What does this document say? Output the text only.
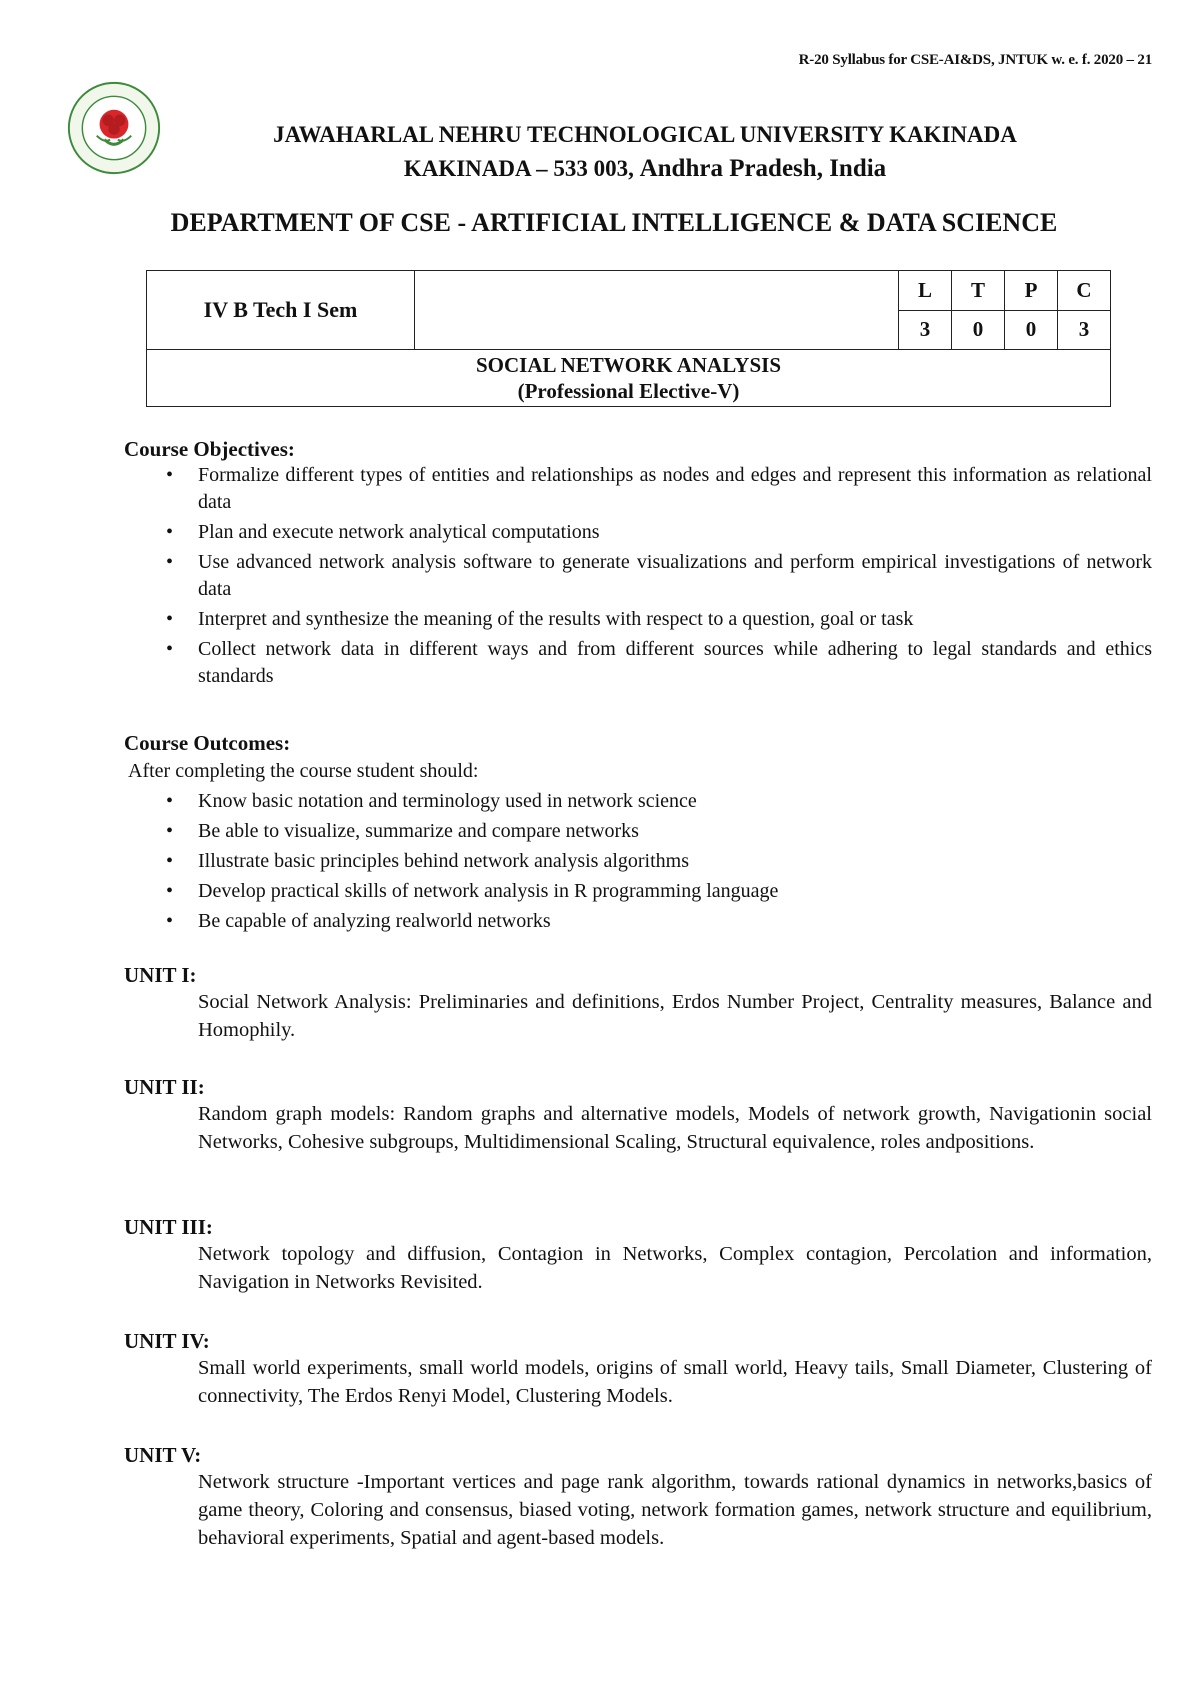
R-20 Syllabus for CSE-AI&DS, JNTUK w. e. f. 2020 – 21
JAWAHARLAL NEHRU TECHNOLOGICAL UNIVERSITY KAKINADA
KAKINADA – 533 003, Andhra Pradesh, India
DEPARTMENT OF CSE - ARTIFICIAL INTELLIGENCE & DATA SCIENCE
IV B Tech I Sem		L	T	P	C
		3	0	0	3

SOCIAL NETWORK ANALYSIS
(Professional Elective-V)					

Course Objectives:

• Formalize different types of entities and relationships as nodes and edges and represent this information as relational data
• Plan and execute network analytical computations
• Use advanced network analysis software to generate visualizations and perform empirical investigations of network data
• Interpret and synthesize the meaning of the results with respect to a question, goal or task
• Collect network data in different ways and from different sources while adhering to legal standards and ethics standards

Course Outcomes:

After completing the course student should:

• Know basic notation and terminology used in network science
• Be able to visualize, summarize and compare networks
• Illustrate basic principles behind network analysis algorithms
• Develop practical skills of network analysis in R programming language
• Be capable of analyzing realworld networks

UNIT I:

Social Network Analysis: Preliminaries and definitions, Erdos Number Project, Centrality measures, Balance and Homophily.

UNIT II:

Random graph models: Random graphs and alternative models, Models of network growth, Navigationin social Networks, Cohesive subgroups, Multidimensional Scaling, Structural equivalence, roles andpositions.

UNIT III:

Network topology and diffusion, Contagion in Networks, Complex contagion, Percolation and information, Navigation in Networks Revisited.

UNIT IV:

Small world experiments, small world models, origins of small world, Heavy tails, Small Diameter, Clustering of connectivity, The Erdos Renyi Model, Clustering Models.

UNIT V:

Network structure -Important vertices and page rank algorithm, towards rational dynamics in networks,basics of game theory, Coloring and consensus, biased voting, network formation games, network structure and equilibrium, behavioral experiments, Spatial and agent-based models.
